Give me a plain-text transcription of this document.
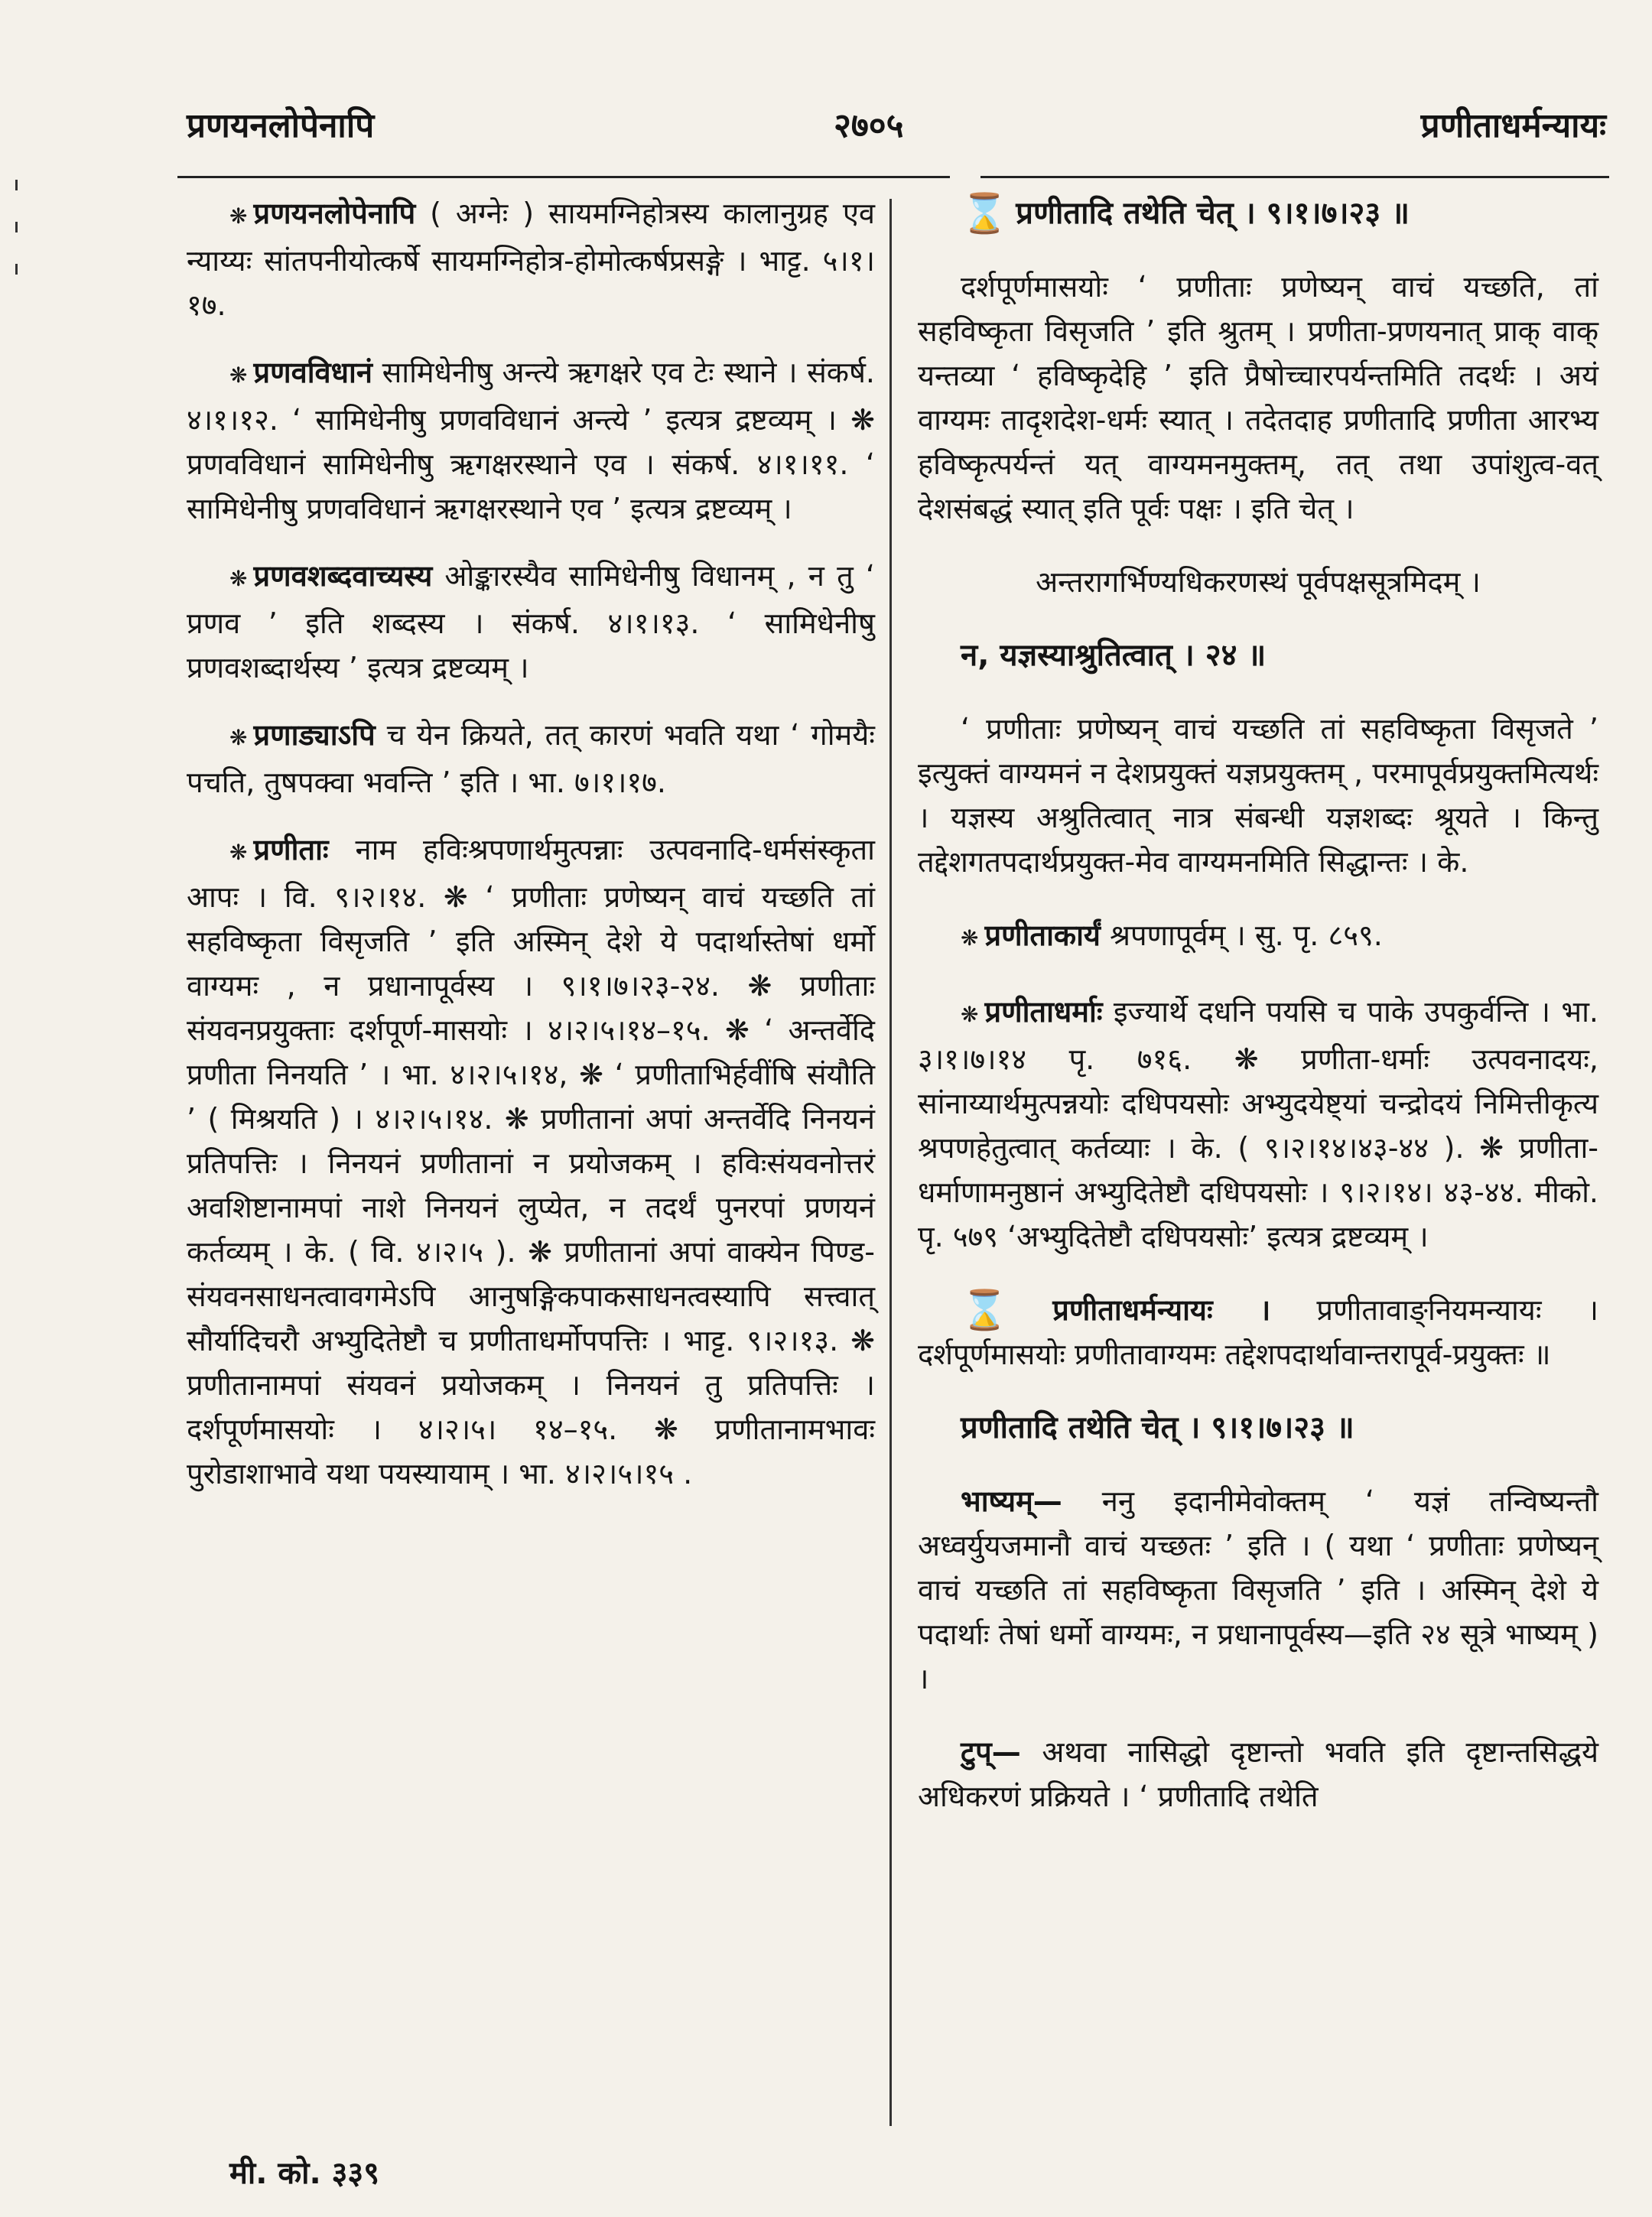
प्रणयनलोपेनापि	२७०५	प्रणीताधर्मन्यायः

❋ प्रणयनलोपेनापि ( अग्नेः ) सायमग्निहोत्रस्य कालानुग्रह एव न्याय्यः सांतपनीयोत्कर्षे सायमग्निहोत्र-होमोत्कर्षप्रसङ्गे । भाट्ट. ५।१।१७.

❋ प्रणवविधानं सामिधेनीषु अन्त्ये ऋगक्षरे एव टेः स्थाने । संकर्ष. ४।१।१२. ‘ सामिधेनीषु प्रणवविधानं अन्त्ये ’ इत्यत्र द्रष्टव्यम् । ❋ प्रणवविधानं सामिधेनीषु ऋगक्षरस्थाने एव । संकर्ष. ४।१।११. ‘ सामिधेनीषु प्रणवविधानं ऋगक्षरस्थाने एव ’ इत्यत्र द्रष्टव्यम् ।

❋ प्रणवशब्दवाच्यस्य ओङ्कारस्यैव सामिधेनीषु विधानम् , न तु ‘ प्रणव ’ इति शब्दस्य । संकर्ष. ४।१।१३. ‘ सामिधेनीषु प्रणवशब्दार्थस्य ’ इत्यत्र द्रष्टव्यम् ।

❋ प्रणाड्याऽपि च येन क्रियते, तत् कारणं भवति यथा ‘ गोमयैः पचति, तुषपक्वा भवन्ति ’ इति । भा. ७।१।१७.

❋ प्रणीताः नाम हविःश्रपणार्थमुत्पन्नाः उत्पवनादि-धर्मसंस्कृता आपः । वि. ९।२।१४. ❋ ‘ प्रणीताः प्रणेष्यन् वाचं यच्छति तां सहविष्कृता विसृजति ’ इति अस्मिन् देशे ये पदार्थास्तेषां धर्मो वाग्यमः , न प्रधानापूर्वस्य । ९।१।७।२३-२४. ❋ प्रणीताः संयवनप्रयुक्ताः दर्शपूर्ण-मासयोः । ४।२।५।१४–१५. ❋ ‘ अन्तर्वेदि प्रणीता निनयति ’ । भा. ४।२।५।१४, ❋ ‘ प्रणीताभिर्हवींषि संयौति ’ ( मिश्रयति ) । ४।२।५।१४. ❋ प्रणीतानां अपां अन्तर्वेदि निनयनं प्रतिपत्तिः । निनयनं प्रणीतानां न प्रयोजकम् । हविःसंयवनोत्तरं अवशिष्टानामपां नाशे निनयनं लुप्येत, न तदर्थं पुनरपां प्रणयनं कर्तव्यम् । के. ( वि. ४।२।५ ). ❋ प्रणीतानां अपां वाक्येन पिण्ड-संयवनसाधनत्वावगमेऽपि आनुषङ्गिकपाकसाधनत्वस्यापि सत्त्वात् सौर्यादिचरौ अभ्युदितेष्टौ च प्रणीताधर्मोपपत्तिः । भाट्ट. ९।२।१३. ❋ प्रणीतानामपां संयवनं प्रयोजकम् । निनयनं तु प्रतिपत्तिः । दर्शपूर्णमासयोः । ४।२।५। १४–१५. ❋ प्रणीतानामभावः पुरोडाशाभावे यथा पयस्यायाम् । भा. ४।२।५।१५ .

⌛ प्रणीतादि तथेति चेत् । ९।१।७।२३ ॥

दर्शपूर्णमासयोः ‘ प्रणीताः प्रणेष्यन् वाचं यच्छति, तां सहविष्कृता विसृजति ’ इति श्रुतम् । प्रणीता-प्रणयनात् प्राक् वाक् यन्तव्या ‘ हविष्कृदेहि ’ इति प्रैषोच्चारपर्यन्तमिति तदर्थः । अयं वाग्यमः तादृशदेश-धर्मः स्यात् । तदेतदाह प्रणीतादि प्रणीता आरभ्य हविष्कृत्पर्यन्तं यत् वाग्यमनमुक्तम्, तत् तथा उपांशुत्व-वत् देशसंबद्धं स्यात् इति पूर्वः पक्षः । इति चेत् ।

अन्तरागर्भिण्यधिकरणस्थं पूर्वपक्षसूत्रमिदम् ।

न, यज्ञस्याश्रुतित्वात् । २४ ॥

‘ प्रणीताः प्रणेष्यन् वाचं यच्छति तां सहविष्कृता विसृजते ’ इत्युक्तं वाग्यमनं न देशप्रयुक्तं यज्ञप्रयुक्तम् , परमापूर्वप्रयुक्तमित्यर्थः । यज्ञस्य अश्रुतित्वात् नात्र संबन्धी यज्ञशब्दः श्रूयते । किन्तु तद्देशगतपदार्थप्रयुक्त-मेव वाग्यमनमिति सिद्धान्तः । के.

❋ प्रणीताकार्यं श्रपणापूर्वम् । सु. पृ. ८५९.

❋ प्रणीताधर्माः इज्यार्थे दधनि पयसि च पाके उपकुर्वन्ति । भा. ३।१।७।१४ पृ. ७१६. ❋ प्रणीता-धर्माः उत्पवनादयः, सांनाय्यार्थमुत्पन्नयोः दधिपयसोः अभ्युदयेष्ट्यां चन्द्रोदयं निमित्तीकृत्य श्रपणहेतुत्वात् कर्तव्याः । के. ( ९।२।१४।४३-४४ ). ❋ प्रणीता-धर्माणामनुष्ठानं अभ्युदितेष्टौ दधिपयसोः । ९।२।१४। ४३-४४. मीको. पृ. ५७९ ‘अभ्युदितेष्टौ दधिपयसोः’ इत्यत्र द्रष्टव्यम् ।

⌛ प्रणीताधर्मन्यायः । प्रणीतावाङ्नियमन्यायः । दर्शपूर्णमासयोः प्रणीतावाग्यमः तद्देशपदार्थावान्तरापूर्व-प्रयुक्तः ॥

प्रणीतादि तथेति चेत् । ९।१।७।२३ ॥

भाष्यम्— ननु इदानीमेवोक्तम् ‘ यज्ञं तन्विष्यन्तौ अध्वर्युयजमानौ वाचं यच्छतः ’ इति । ( यथा ‘ प्रणीताः प्रणेष्यन् वाचं यच्छति तां सहविष्कृता विसृजति ’ इति । अस्मिन् देशे ये पदार्थाः तेषां धर्मो वाग्यमः, न प्रधानापूर्वस्य—इति २४ सूत्रे भाष्यम् ) ।

टुप्— अथवा नासिद्धो दृष्टान्तो भवति इति दृष्टान्तसिद्धये अधिकरणं प्रक्रियते । ‘ प्रणीतादि तथेति

मी. को. ३३९
